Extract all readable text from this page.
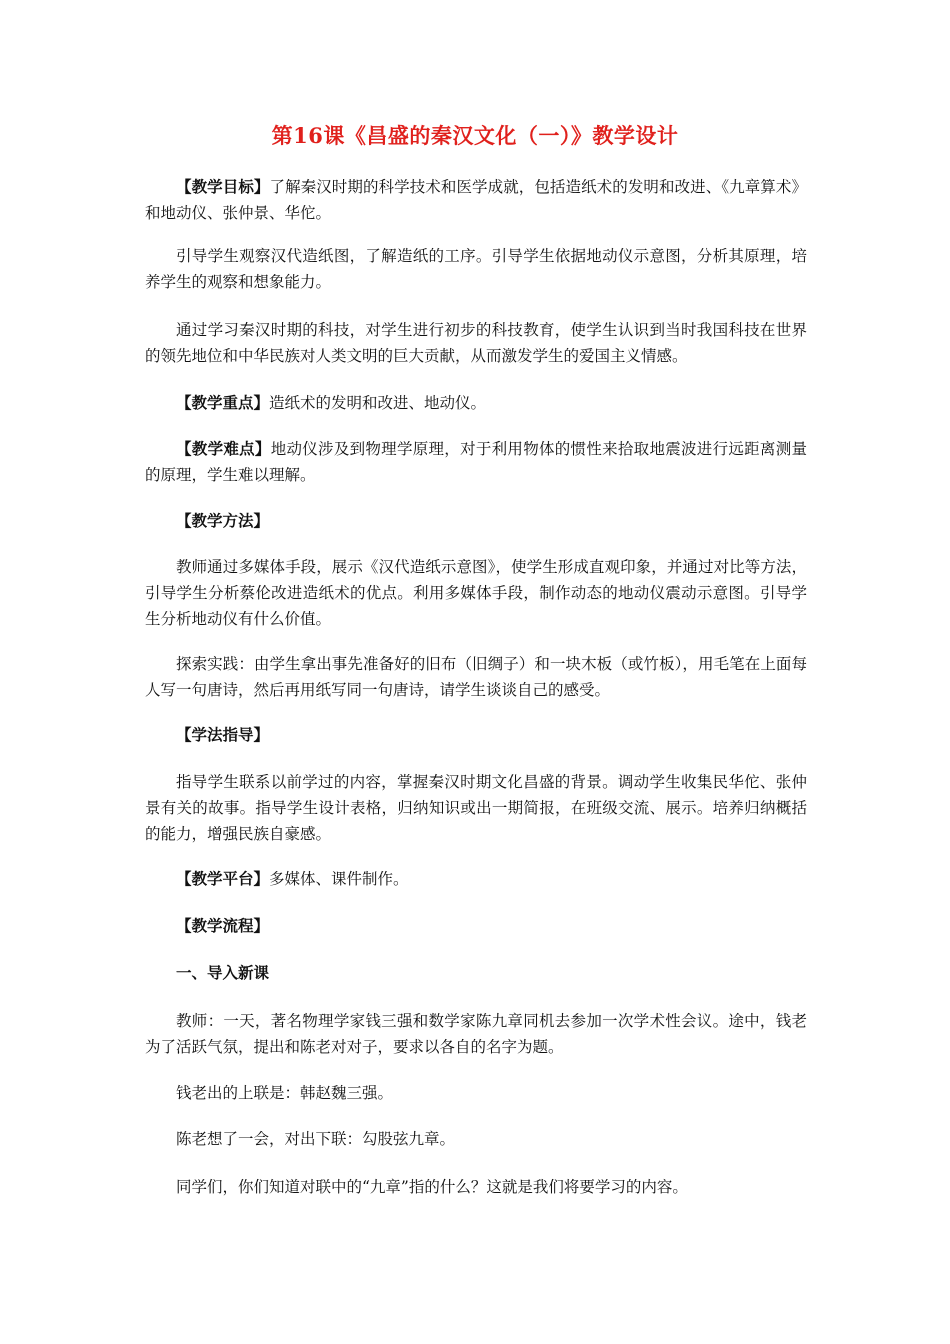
第16课《昌盛的秦汉文化（一）》教学设计

【教学目标】了解秦汉时期的科学技术和医学成就，包括造纸术的发明和改进、《九章算术》和地动仪、张仲景、华佗。

引导学生观察汉代造纸图，了解造纸的工序。引导学生依据地动仪示意图，分析其原理，培养学生的观察和想象能力。

通过学习秦汉时期的科技，对学生进行初步的科技教育，使学生认识到当时我国科技在世界的领先地位和中华民族对人类文明的巨大贡献，从而激发学生的爱国主义情感。

【教学重点】造纸术的发明和改进、地动仪。

【教学难点】地动仪涉及到物理学原理，对于利用物体的惯性来拾取地震波进行远距离测量的原理，学生难以理解。

【教学方法】

教师通过多媒体手段，展示《汉代造纸示意图》，使学生形成直观印象，并通过对比等方法，引导学生分析蔡伦改进造纸术的优点。利用多媒体手段，制作动态的地动仪震动示意图。引导学生分析地动仪有什么价值。

探索实践：由学生拿出事先准备好的旧布（旧绸子）和一块木板（或竹板），用毛笔在上面每人写一句唐诗，然后再用纸写同一句唐诗，请学生谈谈自己的感受。

【学法指导】

指导学生联系以前学过的内容，掌握秦汉时期文化昌盛的背景。调动学生收集民华佗、张仲景有关的故事。指导学生设计表格，归纳知识或出一期简报，在班级交流、展示。培养归纳概括的能力，增强民族自豪感。

【教学平台】多媒体、课件制作。

【教学流程】
一、导入新课

教师：一天，著名物理学家钱三强和数学家陈九章同机去参加一次学术性会议。途中，钱老为了活跃气氛，提出和陈老对对子，要求以各自的名字为题。

钱老出的上联是：韩赵魏三强。

陈老想了一会，对出下联：勾股弦九章。

同学们，你们知道对联中的“九章”指的什么？这就是我们将要学习的内容。
